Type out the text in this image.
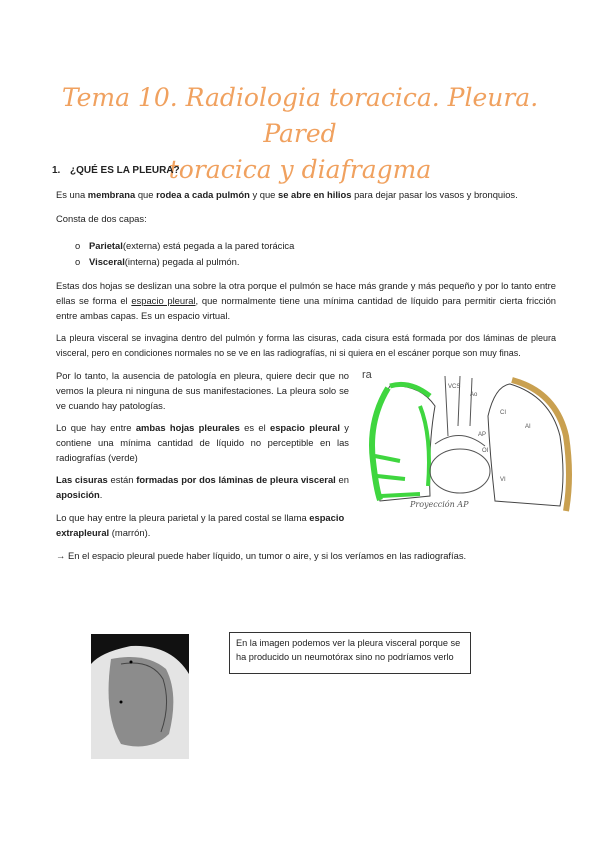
Tema 10. Radiologia toracica. Pleura. Pared
toracica y diafragma
1. ¿QUÉ ES LA PLEURA?

Es una membrana que rodea a cada pulmón y que se abre en hilios para dejar pasar los vasos y bronquios.

Consta de dos capas:

o Parietal (externa) está pegada a la pared torácica
o Visceral (interna) pegada al pulmón.

Estas dos hojas se deslizan una sobre la otra porque el pulmón se hace más grande y más pequeño y por lo tanto entre ellas se forma el espacio pleural, que normalmente tiene una mínima cantidad de líquido para permitir cierta fricción entre ambas capas. Es un espacio virtual.

La pleura visceral se invagina dentro del pulmón y forma las cisuras, cada cisura está formada por dos láminas de pleura visceral, pero en condiciones normales no se ve en las radiografías, ni si quiera en el escáner porque son muy finas.

Por lo tanto, la ausencia de patología en pleura, quiere decir que no vemos la pleura ni ninguna de sus manifestaciones. La pleura solo se ve cuando hay patologías.

Lo que hay entre ambas hojas pleurales es el espacio pleural y contiene una mínima cantidad de líquido no perceptible en las radiografías (verde)

Las cisuras están formadas por dos láminas de pleura visceral en aposición.

Lo que hay entre la pleura parietal y la pared costal se llama espacio extrapleural (marrón).

→ En el espacio pleural puede haber líquido, un tumor o aire, y si los veríamos en las radiografías.

ra
VCS
Ao
CI
AP
OI
VI
AI
Proyección AP
En la imagen podemos ver la pleura visceral porque se ha producido un neumotórax sino no podríamos verlo
